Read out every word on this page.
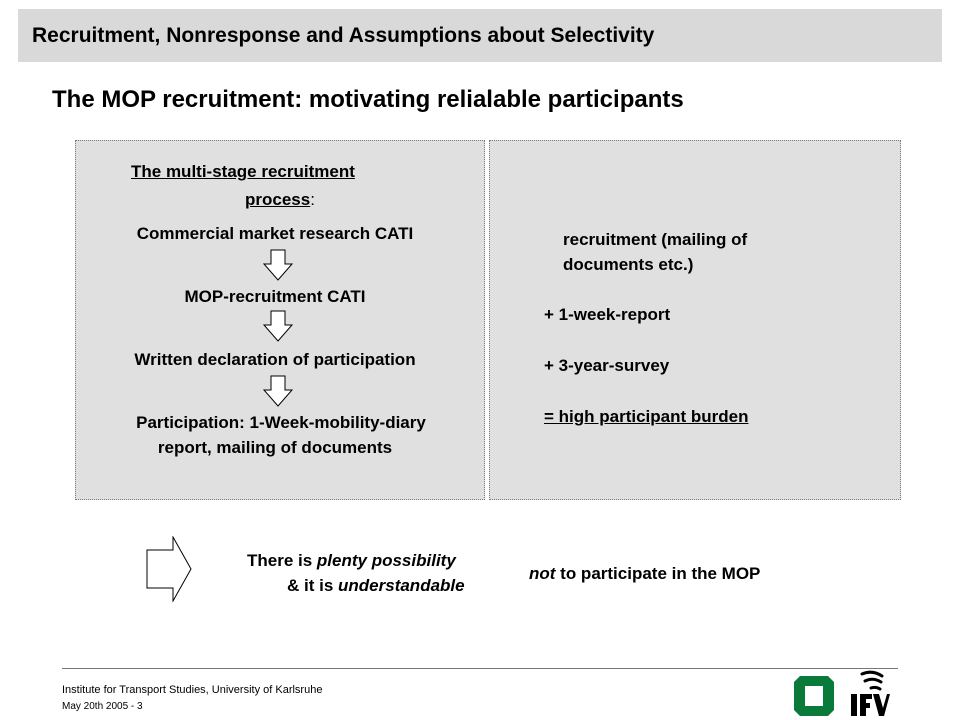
Recruitment, Nonresponse and Assumptions about Selectivity
The MOP recruitment: motivating relialable participants
The multi-stage recruitment
process:
Commercial market research CATI
MOP-recruitment CATI
Written declaration of participation
Participation: 1-Week-mobility-diary
report, mailing of documents
recruitment (mailing of
documents etc.)
+ 1-week-report
+ 3-year-survey
= high participant burden
There is plenty possibility
& it is understandable
not to participate in the MOP
Institute for Transport Studies, University of Karlsruhe
May 20th 2005 - 3
